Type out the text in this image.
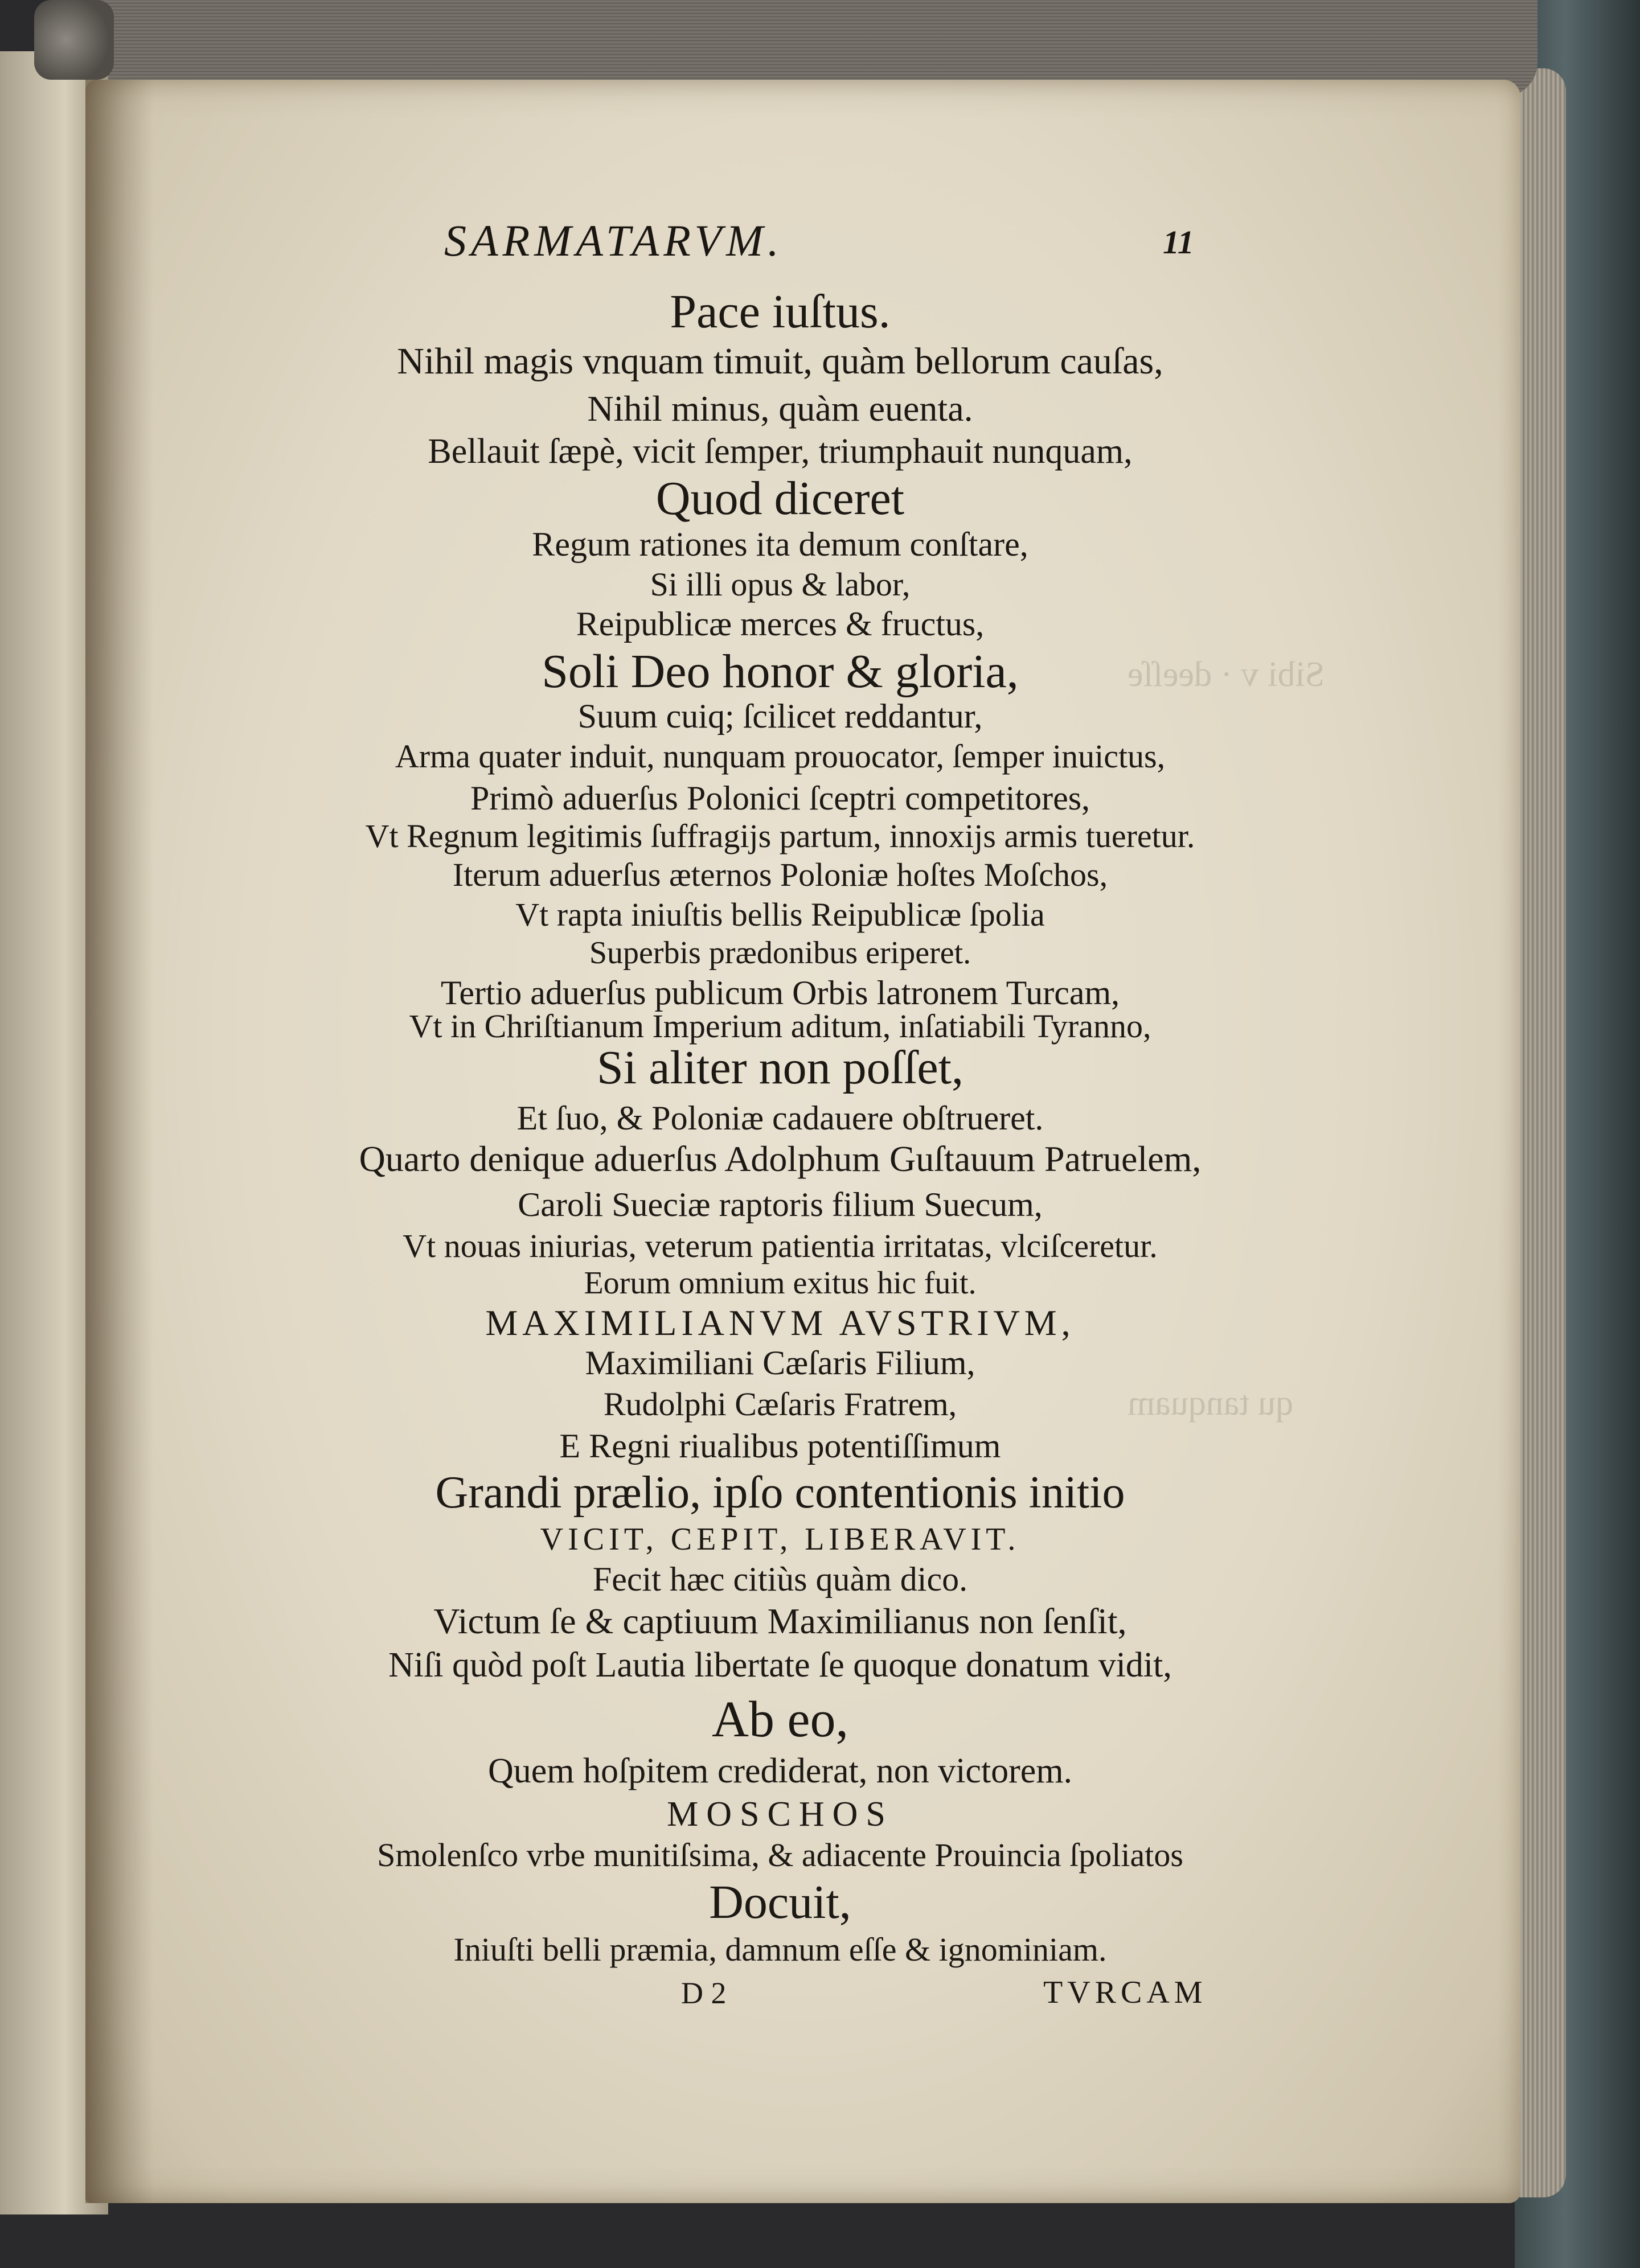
Sibi v · deeſſe
qu tanquam
SARMATARVM.	11
Pace iuſtus.
Nihil magis vnquam timuit, quàm bellorum cauſas,
Nihil minus, quàm euenta.
Bellauit ſæpè, vicit ſemper, triumphauit nunquam,
Quod diceret
Regum rationes ita demum conſtare,
Si illi opus & labor,
Reipublicæ merces & fructus,
Soli Deo honor & gloria,
Suum cuiq; ſcilicet reddantur,
Arma quater induit, nunquam prouocator, ſemper inuictus,
Primò aduerſus Polonici ſceptri competitores,
Vt Regnum legitimis ſuffragijs partum, innoxijs armis tueretur.
Iterum aduerſus æternos Poloniæ hoſtes Moſchos,
Vt rapta iniuſtis bellis Reipublicæ ſpolia
Superbis prædonibus eriperet.
Tertio aduerſus publicum Orbis latronem Turcam,
Vt in Chriſtianum Imperium aditum, inſatiabili Tyranno,
Si aliter non poſſet,
Et ſuo, & Poloniæ cadauere obſtrueret.
Quarto denique aduerſus Adolphum Guſtauum Patruelem,
Caroli Sueciæ raptoris filium Suecum,
Vt nouas iniurias, veterum patientia irritatas, vlciſceretur.
Eorum omnium exitus hic fuit.
MAXIMILIANVM AVSTRIVM,
Maximiliani Cæſaris Filium,
Rudolphi Cæſaris Fratrem,
E Regni riualibus potentiſſimum
Grandi prælio, ipſo contentionis initio
VICIT, CEPIT, LIBERAVIT.
Fecit hæc citiùs quàm dico.
Victum ſe & captiuum Maximilianus non ſenſit,
Niſi quòd poſt Lautia libertate ſe quoque donatum vidit,
Ab eo,
Quem hoſpitem crediderat, non victorem.
MOSCHOS
Smolenſco vrbe munitiſsima, & adiacente Prouincia ſpoliatos
Docuit,
Iniuſti belli præmia, damnum eſſe & ignominiam.
D 2	TVRCAM
